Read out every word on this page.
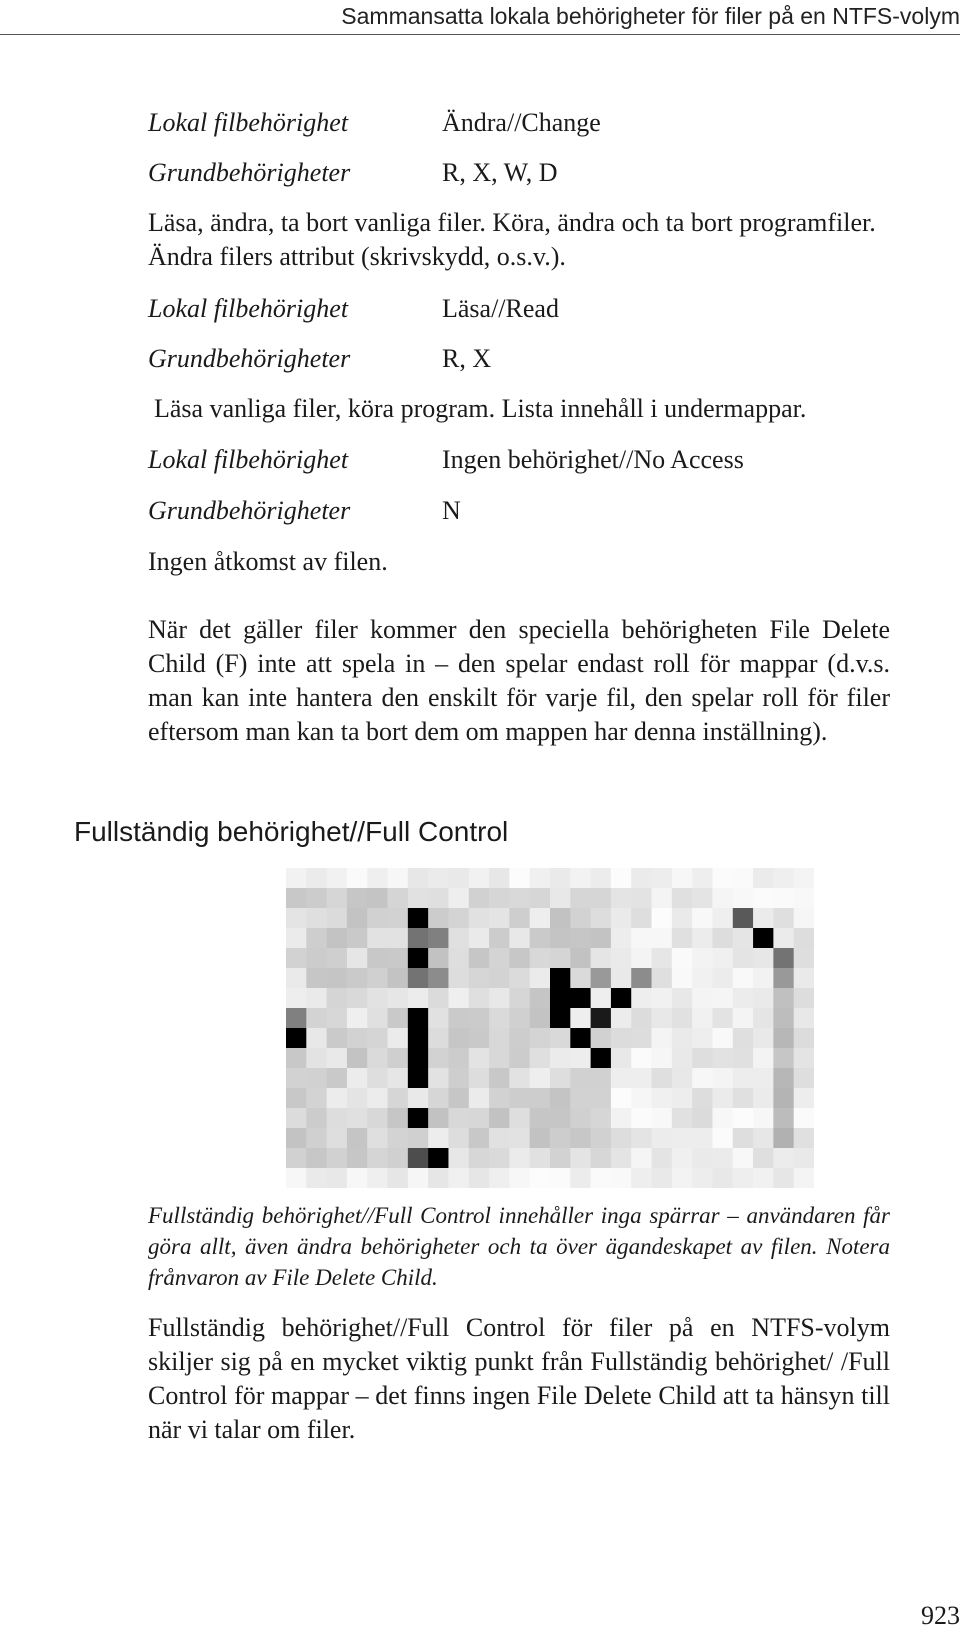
Sammansatta lokala behörigheter för filer på en NTFS-volym
Lokal filbehörighet	Ändra//Change
Grundbehörigheter	R, X, W, D
Läsa, ändra, ta bort vanliga filer. Köra, ändra och ta bort programfiler. Ändra filers attribut (skrivskydd, o.s.v.).
Lokal filbehörighet	Läsa//Read
Grundbehörigheter	R, X
Läsa vanliga filer, köra program. Lista innehåll i undermappar.
Lokal filbehörighet	Ingen behörighet//No Access
Grundbehörigheter	N
Ingen åtkomst av filen.
När det gäller filer kommer den speciella behörigheten File Delete Child (F) inte att spela in – den spelar endast roll för mappar (d.v.s. man kan inte hantera den enskilt för varje fil, den spelar roll för filer eftersom man kan ta bort dem om mappen har denna inställning).
Fullständig behörighet//Full Control
Fullständig behörighet//Full Control innehåller inga spärrar – användaren får göra allt, även ändra behörigheter och ta över ägandeskapet av filen. Notera frånvaron av File Delete Child.
Fullständig behörighet//Full Control för filer på en NTFS-volym skiljer sig på en mycket viktig punkt från Fullständig behörighet/ /Full Control för mappar – det finns ingen File Delete Child att ta hänsyn till när vi talar om filer.
923
